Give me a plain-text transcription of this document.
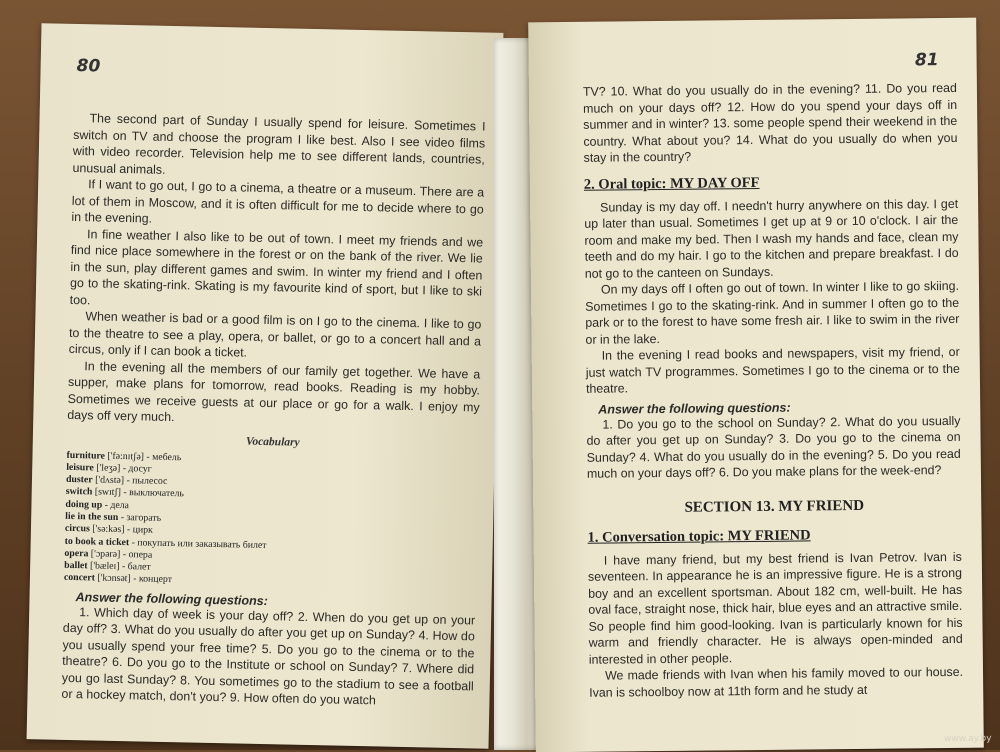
80

The second part of Sunday I usually spend for leisure. Sometimes I switch on TV and choose the program I like best. Also I see video films with video recorder. Television help me to see different lands, countries, unusual animals.

If I want to go out, I go to a cinema, a theatre or a museum. There are a lot of them in Moscow, and it is often difficult for me to decide where to go in the evening.

In fine weather I also like to be out of town. I meet my friends and we find nice place somewhere in the forest or on the bank of the river. We lie in the sun, play different games and swim. In winter my friend and I often go to the skating-rink. Skating is my favourite kind of sport, but I like to ski too.

When weather is bad or a good film is on I go to the cinema. I like to go to the theatre to see a play, opera, or ballet, or go to a concert hall and a circus, only if I can book a ticket.

In the evening all the members of our family get together. We have a supper, make plans for tomorrow, read books. Reading is my hobby. Sometimes we receive guests at our place or go for a walk. I enjoy my days off very much.

Vocabulary
furniture ['fə:nɪtʃə] - мебель
leisure ['leʒə] - досуг
duster ['dʌstə] - пылесос
switch [swɪtʃ] - выключатель
doing up - дела
lie in the sun - загорать
circus ['sə:kəs] - цирк
to book a ticket - покупать или заказывать билет
opera ['ɔpərə] - опера
ballet ['bæleɪ] - балет
concert ['kɔnsət] - концерт
Answer the following questions:

1. Which day of week is your day off? 2. When do you get up on your day off? 3. What do you usually do after you get up on Sunday? 4. How do you usually spend your free time? 5. Do you go to the cinema or to the theatre? 6. Do you go to the Institute or school on Sunday? 7. Where did you go last Sunday? 8. You sometimes go to the stadium to see a football or a hockey match, don't you? 9. How often do you watch

81

TV? 10. What do you usually do in the evening? 11. Do you read much on your days off? 12. How do you spend your days off in summer and in winter? 13. some people spend their weekend in the country. What about you? 14. What do you usually do when you stay in the country?

2. Oral topic: MY DAY OFF

Sunday is my day off. I needn't hurry anywhere on this day. I get up later than usual. Sometimes I get up at 9 or 10 o'clock. I air the room and make my bed. Then I wash my hands and face, clean my teeth and do my hair. I go to the kitchen and prepare breakfast. I do not go to the canteen on Sundays.

On my days off I often go out of town. In winter I like to go skiing. Sometimes I go to the skating-rink. And in summer I often go to the park or to the forest to have some fresh air. I like to swim in the river or in the lake.

In the evening I read books and newspapers, visit my friend, or just watch TV programmes. Sometimes I go to the cinema or to the theatre.

Answer the following questions:

1. Do you go to the school on Sunday? 2. What do you usually do after you get up on Sunday? 3. Do you go to the cinema on Sunday? 4. What do you usually do in the evening? 5. Do you read much on your days off? 6. Do you make plans for the week-end?

SECTION 13. MY FRIEND
1. Conversation topic: MY FRIEND

I have many friend, but my best friend is Ivan Petrov. Ivan is seventeen. In appearance he is an impressive figure. He is a strong boy and an excellent sportsman. About 182 cm, well-built. He has oval face, straight nose, thick hair, blue eyes and an attractive smile. So people find him good-looking. Ivan is particularly known for his warm and friendly character. He is always open-minded and interested in other people.

We made friends with Ivan when his family moved to our house. Ivan is schoolboy now at 11th form and he study at

www.ay.by
